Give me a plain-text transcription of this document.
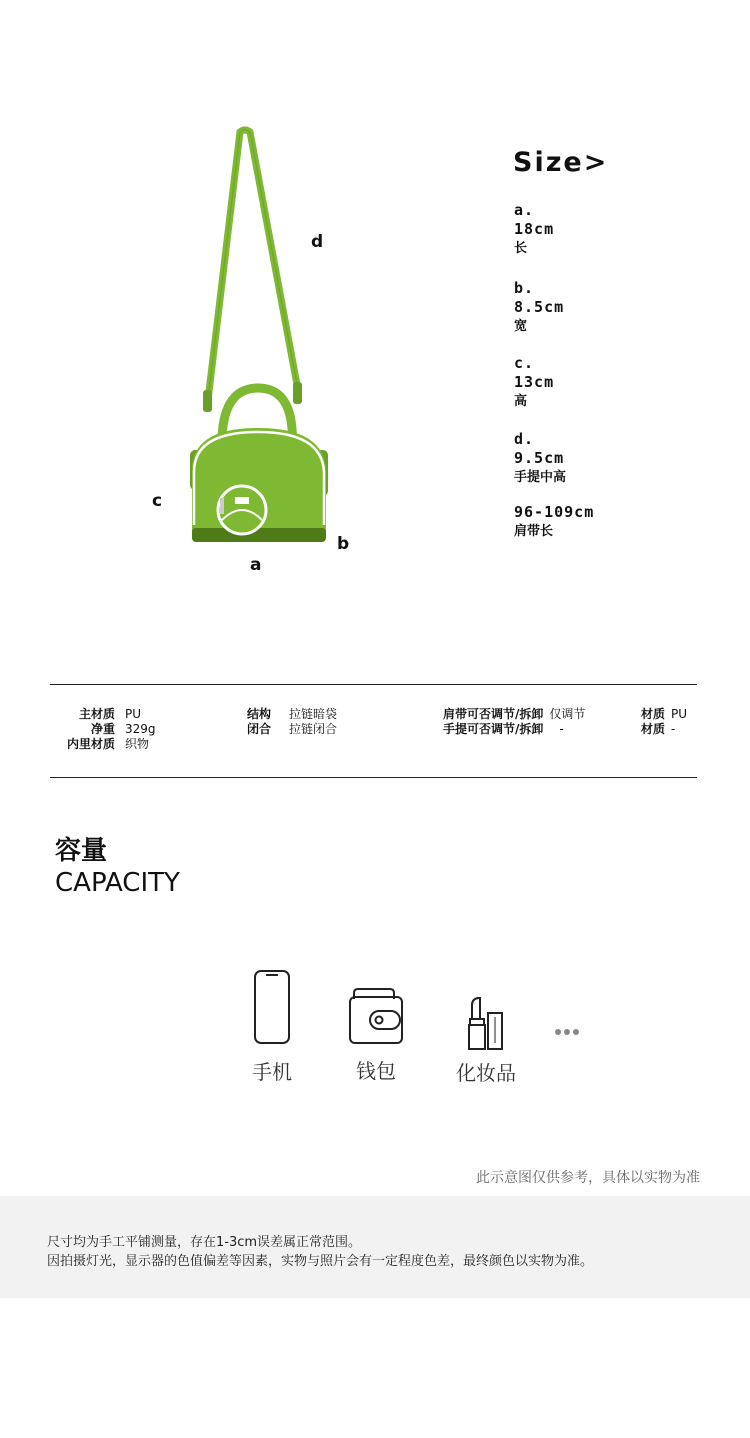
d
c
b
a
Size>
a.
18cm
长
b.
8.5cm
宽
c.
13cm
高
d.
9.5cm
手提中高
96-109cm
肩带长
主材质 PU
净重 329g
内里材质 织物
结构 拉链暗袋
闭合 拉链闭合
肩带可否调节/拆卸 仅调节
手提可否调节/拆卸 -
材质 PU
材质 -
容量
CAPACITY
手机	钱包	化妆品
此示意图仅供参考，具体以实物为准
尺寸均为手工平铺测量，存在1-3cm误差属正常范围。
因拍摄灯光，显示器的色值偏差等因素，实物与照片会有一定程度色差，最终颜色以实物为准。
